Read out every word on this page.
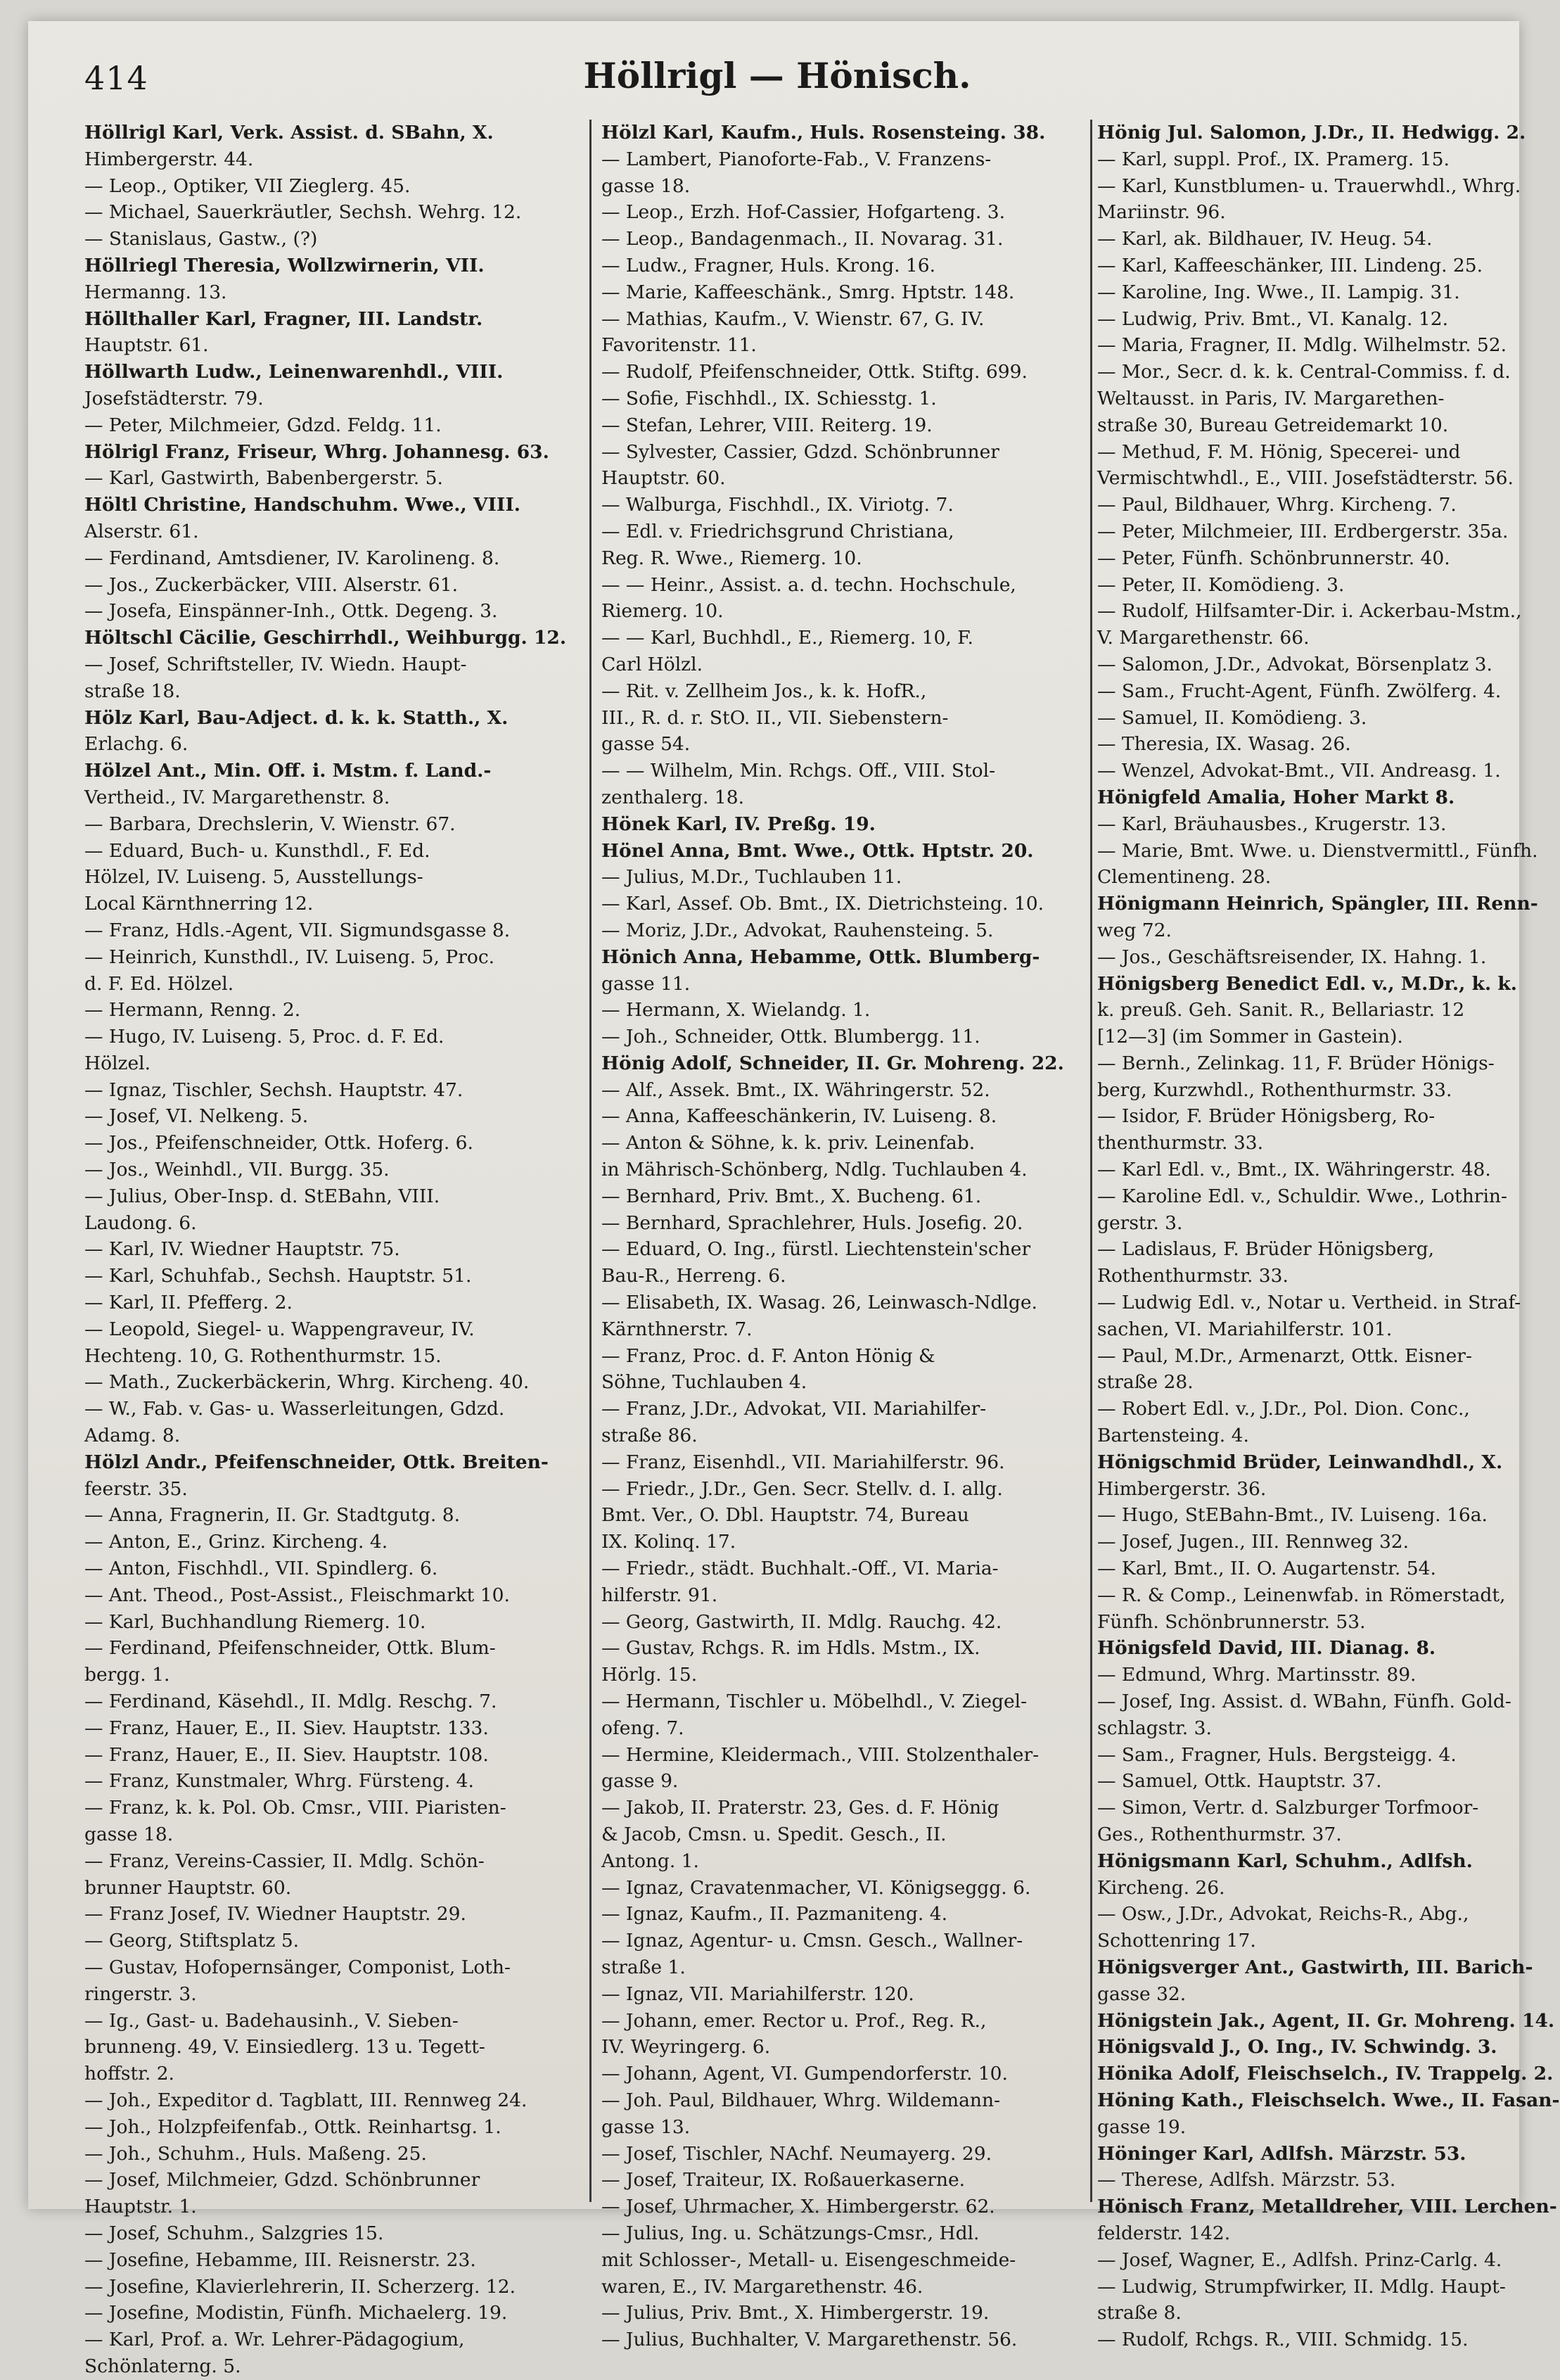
414	Höllrigl — Hönisch.
Höllrigl Karl, Verk. Assist. d. SBahn, X.
Himbergerstr. 44.
— Leop., Optiker, VII Zieglerg. 45.
— Michael, Sauerkräutler, Sechsh. Wehrg. 12.
— Stanislaus, Gastw., (?)
Höllriegl Theresia, Wollzwirnerin, VII.
Hermanng. 13.
Höllthaller Karl, Fragner, III. Landstr.
Hauptstr. 61.
Höllwarth Ludw., Leinenwarenhdl., VIII.
Josefstädterstr. 79.
— Peter, Milchmeier, Gdzd. Feldg. 11.
Hölrigl Franz, Friseur, Whrg. Johannesg. 63.
— Karl, Gastwirth, Babenbergerstr. 5.
Höltl Christine, Handschuhm. Wwe., VIII.
Alserstr. 61.
— Ferdinand, Amtsdiener, IV. Karolineng. 8.
— Jos., Zuckerbäcker, VIII. Alserstr. 61.
— Josefa, Einspänner-Inh., Ottk. Degeng. 3.
Höltschl Cäcilie, Geschirrhdl., Weihburgg. 12.
— Josef, Schriftsteller, IV. Wiedn. Haupt-
straße 18.
Hölz Karl, Bau-Adject. d. k. k. Statth., X.
Erlachg. 6.
Hölzel Ant., Min. Off. i. Mstm. f. Land.-
Vertheid., IV. Margarethenstr. 8.
— Barbara, Drechslerin, V. Wienstr. 67.
— Eduard, Buch- u. Kunsthdl., F. Ed.
Hölzel, IV. Luiseng. 5, Ausstellungs-
Local Kärnthnerring 12.
— Franz, Hdls.-Agent, VII. Sigmundsgasse 8.
— Heinrich, Kunsthdl., IV. Luiseng. 5, Proc.
d. F. Ed. Hölzel.
— Hermann, Renng. 2.
— Hugo, IV. Luiseng. 5, Proc. d. F. Ed.
Hölzel.
— Ignaz, Tischler, Sechsh. Hauptstr. 47.
— Josef, VI. Nelkeng. 5.
— Jos., Pfeifenschneider, Ottk. Hoferg. 6.
— Jos., Weinhdl., VII. Burgg. 35.
— Julius, Ober-Insp. d. StEBahn, VIII.
Laudong. 6.
— Karl, IV. Wiedner Hauptstr. 75.
— Karl, Schuhfab., Sechsh. Hauptstr. 51.
— Karl, II. Pfefferg. 2.
— Leopold, Siegel- u. Wappengraveur, IV.
Hechteng. 10, G. Rothenthurmstr. 15.
— Math., Zuckerbäckerin, Whrg. Kircheng. 40.
— W., Fab. v. Gas- u. Wasserleitungen, Gdzd.
Adamg. 8.
Hölzl Andr., Pfeifenschneider, Ottk. Breiten-
feerstr. 35.
— Anna, Fragnerin, II. Gr. Stadtgutg. 8.
— Anton, E., Grinz. Kircheng. 4.
— Anton, Fischhdl., VII. Spindlerg. 6.
— Ant. Theod., Post-Assist., Fleischmarkt 10.
— Karl, Buchhandlung Riemerg. 10.
— Ferdinand, Pfeifenschneider, Ottk. Blum-
bergg. 1.
— Ferdinand, Käsehdl., II. Mdlg. Reschg. 7.
— Franz, Hauer, E., II. Siev. Hauptstr. 133.
— Franz, Hauer, E., II. Siev. Hauptstr. 108.
— Franz, Kunstmaler, Whrg. Fürsteng. 4.
— Franz, k. k. Pol. Ob. Cmsr., VIII. Piaristen-
gasse 18.
— Franz, Vereins-Cassier, II. Mdlg. Schön-
brunner Hauptstr. 60.
— Franz Josef, IV. Wiedner Hauptstr. 29.
— Georg, Stiftsplatz 5.
— Gustav, Hofopernsänger, Componist, Loth-
ringerstr. 3.
— Ig., Gast- u. Badehausinh., V. Sieben-
brunneng. 49, V. Einsiedlerg. 13 u. Tegett-
hoffstr. 2.
— Joh., Expeditor d. Tagblatt, III. Rennweg 24.
— Joh., Holzpfeifenfab., Ottk. Reinhartsg. 1.
— Joh., Schuhm., Huls. Maßeng. 25.
— Josef, Milchmeier, Gdzd. Schönbrunner
Hauptstr. 1.
— Josef, Schuhm., Salzgries 15.
— Josefine, Hebamme, III. Reisnerstr. 23.
— Josefine, Klavierlehrerin, II. Scherzerg. 12.
— Josefine, Modistin, Fünfh. Michaelerg. 19.
— Karl, Prof. a. Wr. Lehrer-Pädagogium,
Schönlaterng. 5.
Hölzl Karl, Kaufm., Huls. Rosensteing. 38.
— Lambert, Pianoforte-Fab., V. Franzens-
gasse 18.
— Leop., Erzh. Hof-Cassier, Hofgarteng. 3.
— Leop., Bandagenmach., II. Novarag. 31.
— Ludw., Fragner, Huls. Krong. 16.
— Marie, Kaffeeschänk., Smrg. Hptstr. 148.
— Mathias, Kaufm., V. Wienstr. 67, G. IV.
Favoritenstr. 11.
— Rudolf, Pfeifenschneider, Ottk. Stiftg. 699.
— Sofie, Fischhdl., IX. Schiesstg. 1.
— Stefan, Lehrer, VIII. Reiterg. 19.
— Sylvester, Cassier, Gdzd. Schönbrunner
Hauptstr. 60.
— Walburga, Fischhdl., IX. Viriotg. 7.
— Edl. v. Friedrichsgrund Christiana,
Reg. R. Wwe., Riemerg. 10.
— — Heinr., Assist. a. d. techn. Hochschule,
Riemerg. 10.
— — Karl, Buchhdl., E., Riemerg. 10, F.
Carl Hölzl.
— Rit. v. Zellheim Jos., k. k. HofR.,
III., R. d. r. StO. II., VII. Siebenstern-
gasse 54.
— — Wilhelm, Min. Rchgs. Off., VIII. Stol-
zenthalerg. 18.
Hönek Karl, IV. Preßg. 19.
Hönel Anna, Bmt. Wwe., Ottk. Hptstr. 20.
— Julius, M.Dr., Tuchlauben 11.
— Karl, Assef. Ob. Bmt., IX. Dietrichsteing. 10.
— Moriz, J.Dr., Advokat, Rauhensteing. 5.
Hönich Anna, Hebamme, Ottk. Blumberg-
gasse 11.
— Hermann, X. Wielandg. 1.
— Joh., Schneider, Ottk. Blumbergg. 11.
Hönig Adolf, Schneider, II. Gr. Mohreng. 22.
— Alf., Assek. Bmt., IX. Währingerstr. 52.
— Anna, Kaffeeschänkerin, IV. Luiseng. 8.
— Anton & Söhne, k. k. priv. Leinenfab.
in Mährisch-Schönberg, Ndlg. Tuchlauben 4.
— Bernhard, Priv. Bmt., X. Bucheng. 61.
— Bernhard, Sprachlehrer, Huls. Josefig. 20.
— Eduard, O. Ing., fürstl. Liechtenstein'scher
Bau-R., Herreng. 6.
— Elisabeth, IX. Wasag. 26, Leinwasch-Ndlge.
Kärnthnerstr. 7.
— Franz, Proc. d. F. Anton Hönig &
Söhne, Tuchlauben 4.
— Franz, J.Dr., Advokat, VII. Mariahilfer-
straße 86.
— Franz, Eisenhdl., VII. Mariahilferstr. 96.
— Friedr., J.Dr., Gen. Secr. Stellv. d. I. allg.
Bmt. Ver., O. Dbl. Hauptstr. 74, Bureau
IX. Kolinq. 17.
— Friedr., städt. Buchhalt.-Off., VI. Maria-
hilferstr. 91.
— Georg, Gastwirth, II. Mdlg. Rauchg. 42.
— Gustav, Rchgs. R. im Hdls. Mstm., IX.
Hörlg. 15.
— Hermann, Tischler u. Möbelhdl., V. Ziegel-
ofeng. 7.
— Hermine, Kleidermach., VIII. Stolzenthaler-
gasse 9.
— Jakob, II. Praterstr. 23, Ges. d. F. Hönig
& Jacob, Cmsn. u. Spedit. Gesch., II.
Antong. 1.
— Ignaz, Cravatenmacher, VI. Königseggg. 6.
— Ignaz, Kaufm., II. Pazmaniteng. 4.
— Ignaz, Agentur- u. Cmsn. Gesch., Wallner-
straße 1.
— Ignaz, VII. Mariahilferstr. 120.
— Johann, emer. Rector u. Prof., Reg. R.,
IV. Weyringerg. 6.
— Johann, Agent, VI. Gumpendorferstr. 10.
— Joh. Paul, Bildhauer, Whrg. Wildemann-
gasse 13.
— Josef, Tischler, NAchf. Neumayerg. 29.
— Josef, Traiteur, IX. Roßauerkaserne.
— Josef, Uhrmacher, X. Himbergerstr. 62.
— Julius, Ing. u. Schätzungs-Cmsr., Hdl.
mit Schlosser-, Metall- u. Eisengeschmeide-
waren, E., IV. Margarethenstr. 46.
— Julius, Priv. Bmt., X. Himbergerstr. 19.
— Julius, Buchhalter, V. Margarethenstr. 56.
Hönig Jul. Salomon, J.Dr., II. Hedwigg. 2.
— Karl, suppl. Prof., IX. Pramerg. 15.
— Karl, Kunstblumen- u. Trauerwhdl., Whrg.
Mariinstr. 96.
— Karl, ak. Bildhauer, IV. Heug. 54.
— Karl, Kaffeeschänker, III. Lindeng. 25.
— Karoline, Ing. Wwe., II. Lampig. 31.
— Ludwig, Priv. Bmt., VI. Kanalg. 12.
— Maria, Fragner, II. Mdlg. Wilhelmstr. 52.
— Mor., Secr. d. k. k. Central-Commiss. f. d.
Weltausst. in Paris, IV. Margarethen-
straße 30, Bureau Getreidemarkt 10.
— Methud, F. M. Hönig, Specerei- und
Vermischtwhdl., E., VIII. Josefstädterstr. 56.
— Paul, Bildhauer, Whrg. Kircheng. 7.
— Peter, Milchmeier, III. Erdbergerstr. 35a.
— Peter, Fünfh. Schönbrunnerstr. 40.
— Peter, II. Komödieng. 3.
— Rudolf, Hilfsamter-Dir. i. Ackerbau-Mstm.,
V. Margarethenstr. 66.
— Salomon, J.Dr., Advokat, Börsenplatz 3.
— Sam., Frucht-Agent, Fünfh. Zwölferg. 4.
— Samuel, II. Komödieng. 3.
— Theresia, IX. Wasag. 26.
— Wenzel, Advokat-Bmt., VII. Andreasg. 1.
Hönigfeld Amalia, Hoher Markt 8.
— Karl, Bräuhausbes., Krugerstr. 13.
— Marie, Bmt. Wwe. u. Dienstvermittl., Fünfh.
Clementineng. 28.
Hönigmann Heinrich, Spängler, III. Renn-
weg 72.
— Jos., Geschäftsreisender, IX. Hahng. 1.
Hönigsberg Benedict Edl. v., M.Dr., k. k.
k. preuß. Geh. Sanit. R., Bellariastr. 12
[12—3] (im Sommer in Gastein).
— Bernh., Zelinkag. 11, F. Brüder Hönigs-
berg, Kurzwhdl., Rothenthurmstr. 33.
— Isidor, F. Brüder Hönigsberg, Ro-
thenthurmstr. 33.
— Karl Edl. v., Bmt., IX. Währingerstr. 48.
— Karoline Edl. v., Schuldir. Wwe., Lothrin-
gerstr. 3.
— Ladislaus, F. Brüder Hönigsberg,
Rothenthurmstr. 33.
— Ludwig Edl. v., Notar u. Vertheid. in Straf-
sachen, VI. Mariahilferstr. 101.
— Paul, M.Dr., Armenarzt, Ottk. Eisner-
straße 28.
— Robert Edl. v., J.Dr., Pol. Dion. Conc.,
Bartensteing. 4.
Hönigschmid Brüder, Leinwandhdl., X.
Himbergerstr. 36.
— Hugo, StEBahn-Bmt., IV. Luiseng. 16a.
— Josef, Jugen., III. Rennweg 32.
— Karl, Bmt., II. O. Augartenstr. 54.
— R. & Comp., Leinenwfab. in Römerstadt,
Fünfh. Schönbrunnerstr. 53.
Hönigsfeld David, III. Dianag. 8.
— Edmund, Whrg. Martinsstr. 89.
— Josef, Ing. Assist. d. WBahn, Fünfh. Gold-
schlagstr. 3.
— Sam., Fragner, Huls. Bergsteigg. 4.
— Samuel, Ottk. Hauptstr. 37.
— Simon, Vertr. d. Salzburger Torfmoor-
Ges., Rothenthurmstr. 37.
Hönigsmann Karl, Schuhm., Adlfsh.
Kircheng. 26.
— Osw., J.Dr., Advokat, Reichs-R., Abg.,
Schottenring 17.
Hönigsverger Ant., Gastwirth, III. Barich-
gasse 32.
Hönigstein Jak., Agent, II. Gr. Mohreng. 14.
Hönigsvald J., O. Ing., IV. Schwindg. 3.
Hönika Adolf, Fleischselch., IV. Trappelg. 2.
Höning Kath., Fleischselch. Wwe., II. Fasan-
gasse 19.
Höninger Karl, Adlfsh. Märzstr. 53.
— Therese, Adlfsh. Märzstr. 53.
Hönisch Franz, Metalldreher, VIII. Lerchen-
felderstr. 142.
— Josef, Wagner, E., Adlfsh. Prinz-Carlg. 4.
— Ludwig, Strumpfwirker, II. Mdlg. Haupt-
straße 8.
— Rudolf, Rchgs. R., VIII. Schmidg. 15.
